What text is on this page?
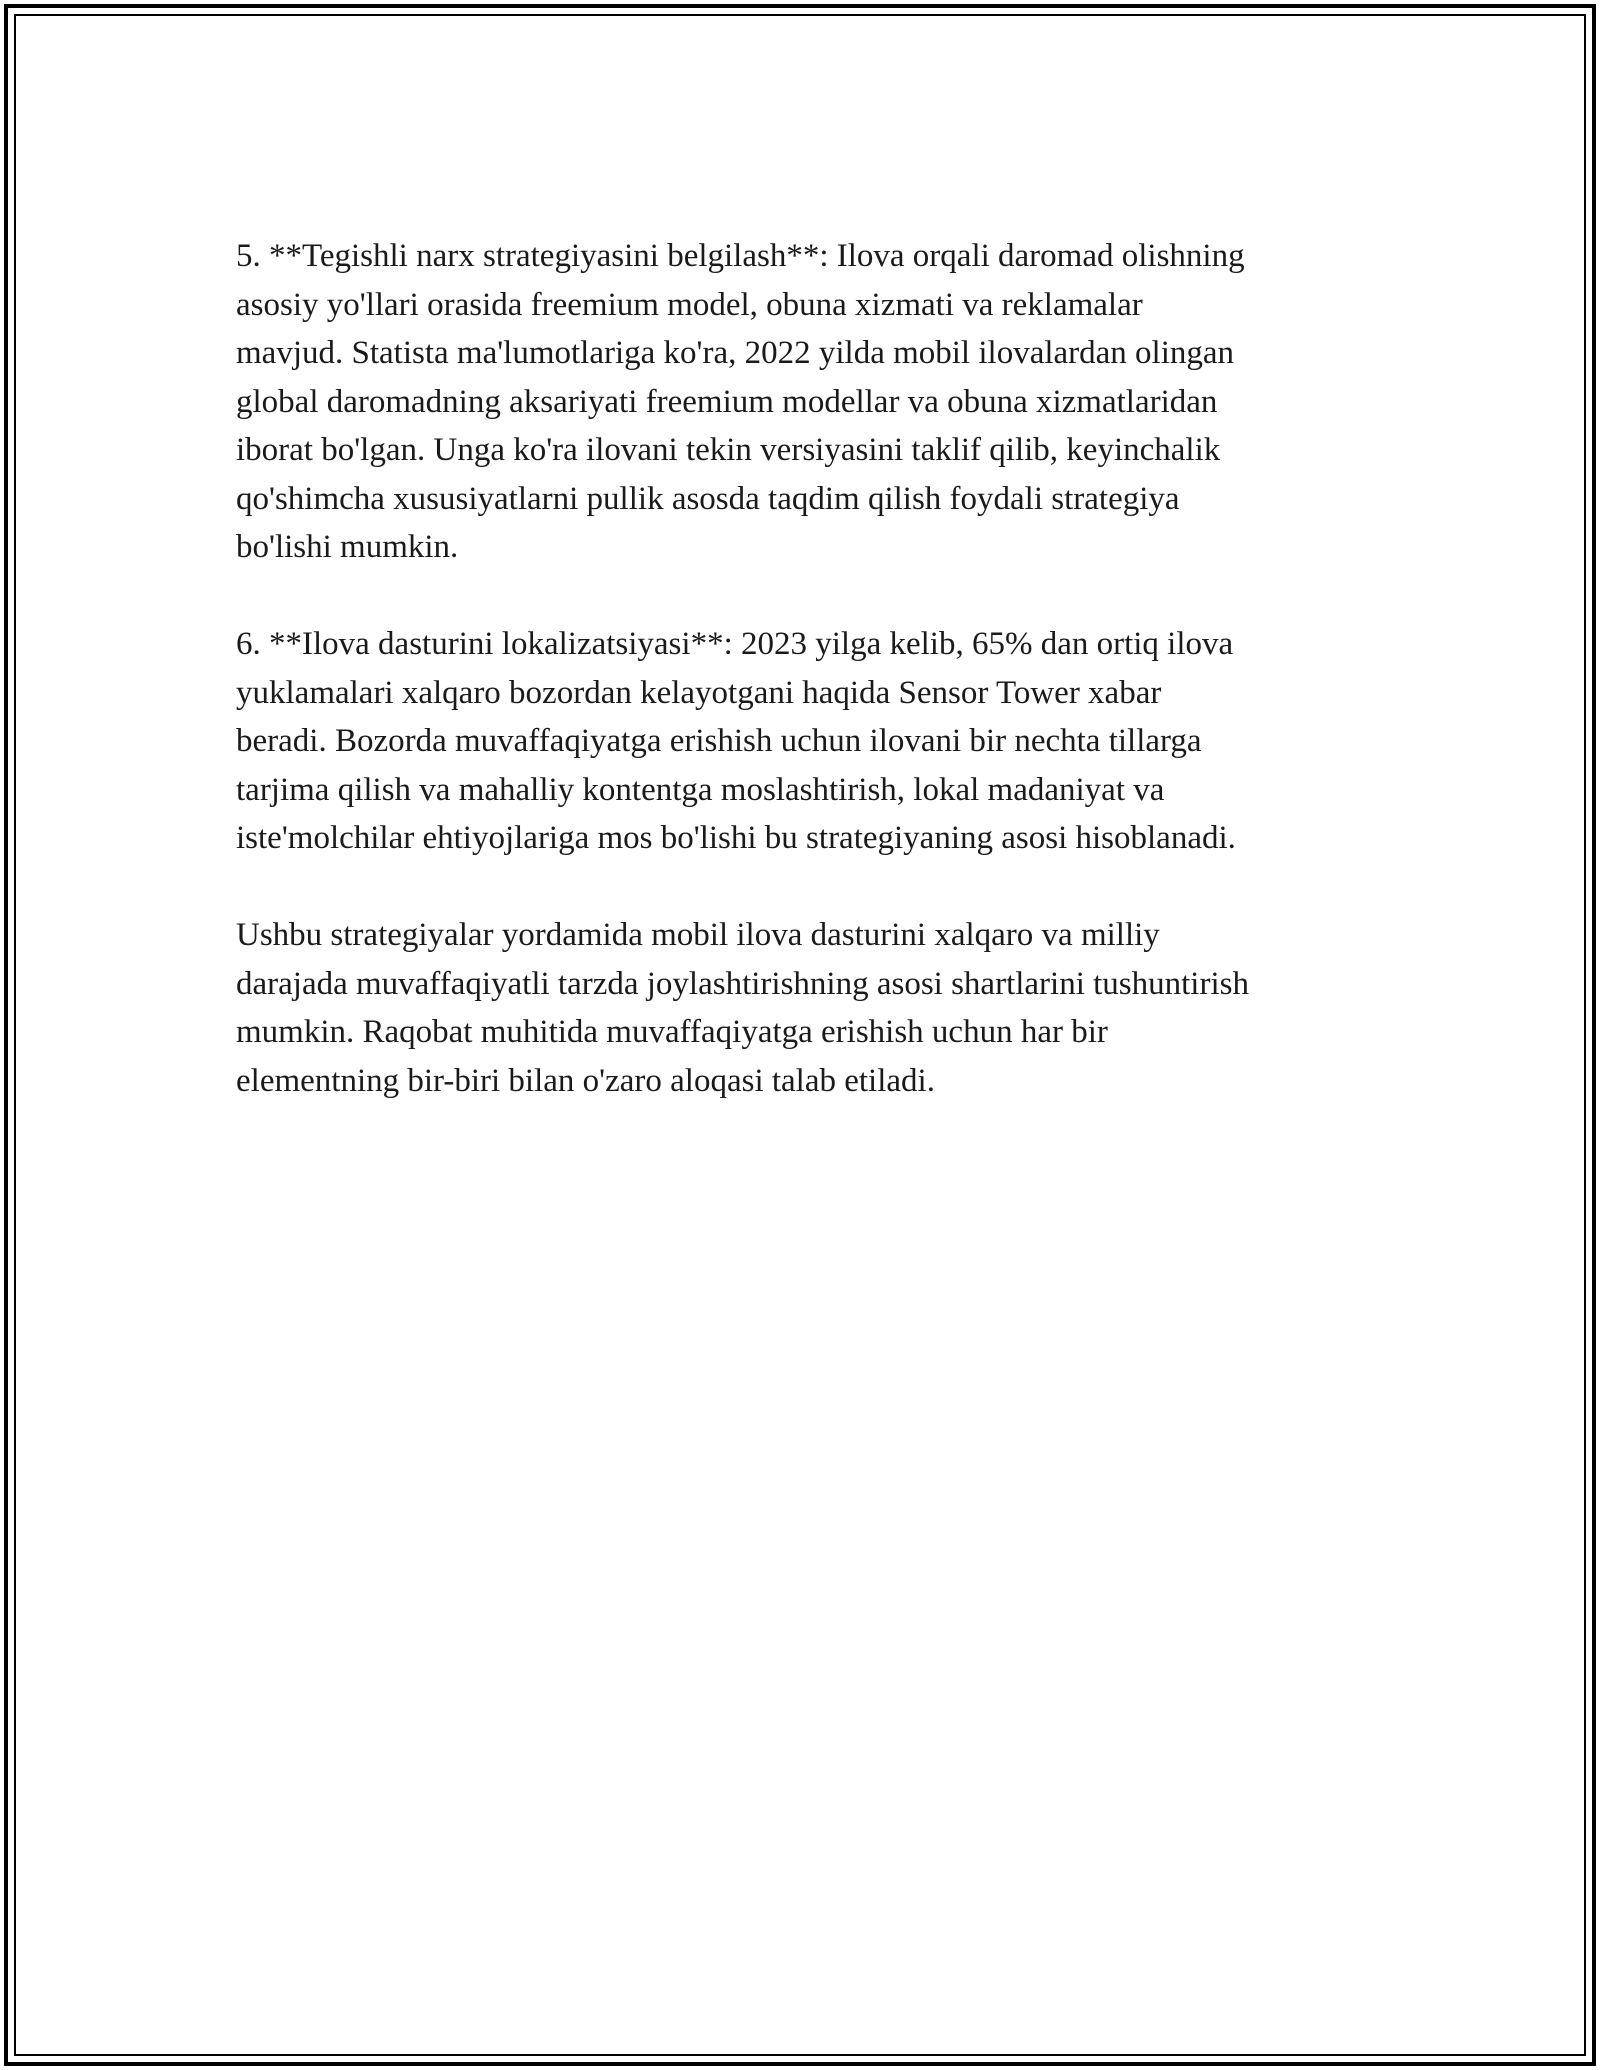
5. **Tegishli narx strategiyasini belgilash**: Ilova orqali daromad olishning
asosiy yo'llari orasida freemium model, obuna xizmati va reklamalar
mavjud. Statista ma'lumotlariga ko'ra, 2022 yilda mobil ilovalardan olingan
global daromadning aksariyati freemium modellar va obuna xizmatlaridan
iborat bo'lgan. Unga ko'ra ilovani tekin versiyasini taklif qilib, keyinchalik
qo'shimcha xususiyatlarni pullik asosda taqdim qilish foydali strategiya
bo'lishi mumkin.

6. **Ilova dasturini lokalizatsiyasi**: 2023 yilga kelib, 65% dan ortiq ilova
yuklamalari xalqaro bozordan kelayotgani haqida Sensor Tower xabar
beradi. Bozorda muvaffaqiyatga erishish uchun ilovani bir nechta tillarga
tarjima qilish va mahalliy kontentga moslashtirish, lokal madaniyat va
iste'molchilar ehtiyojlariga mos bo'lishi bu strategiyaning asosi hisoblanadi.

Ushbu strategiyalar yordamida mobil ilova dasturini xalqaro va milliy
darajada muvaffaqiyatli tarzda joylashtirishning asosi shartlarini tushuntirish
mumkin. Raqobat muhitida muvaffaqiyatga erishish uchun har bir
elementning bir-biri bilan o'zaro aloqasi talab etiladi.
